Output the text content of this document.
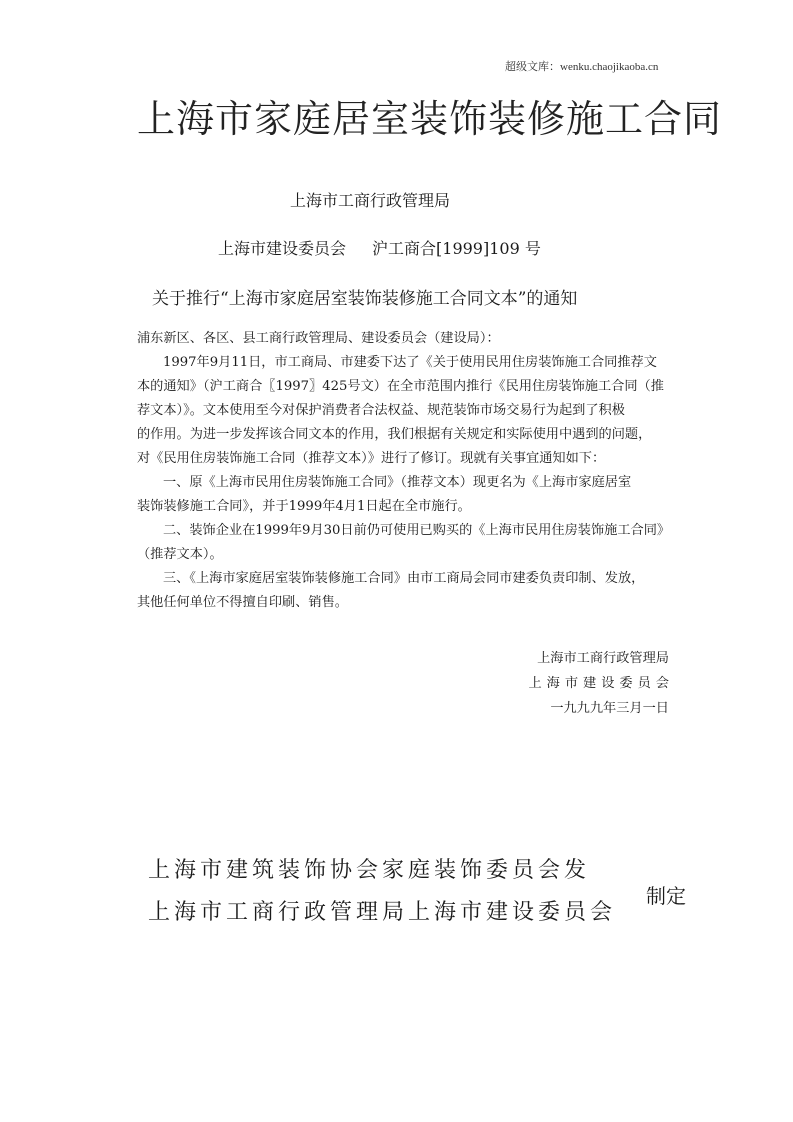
超级文库：wenku.chaojikaoba.cn
上海市家庭居室装饰装修施工合同
上海市工商行政管理局
上海市建设委员会 沪工商合[1999]109 号
关于推行“上海市家庭居室装饰装修施工合同文本”的通知
浦东新区、各区、县工商行政管理局、建设委员会（建设局）：
1997年9月11日，市工商局、市建委下达了《关于使用民用住房装饰施工合同推荐文
本的通知》（沪工商合〖1997〗425号文）在全市范围内推行《民用住房装饰施工合同（推
荐文本）》。文本使用至今对保护消费者合法权益、规范装饰市场交易行为起到了积极
的作用。为进一步发挥该合同文本的作用，我们根据有关规定和实际使用中遇到的问题，
对《民用住房装饰施工合同（推荐文本）》进行了修订。现就有关事宜通知如下：
一、原《上海市民用住房装饰施工合同》（推荐文本）现更名为《上海市家庭居室
装饰装修施工合同》，并于1999年4月1日起在全市施行。
二、装饰企业在1999年9月30日前仍可使用已购买的《上海市民用住房装饰施工合同》
（推荐文本）。
三、《上海市家庭居室装饰装修施工合同》由市工商局会同市建委负责印制、发放，
其他任何单位不得擅自印刷、销售。
上海市工商行政管理局
上海市建设委员会
一九九九年三月一日
上海市建筑装饰协会家庭装饰委员会发
上海市工商行政管理局上海市建设委员会
制定
